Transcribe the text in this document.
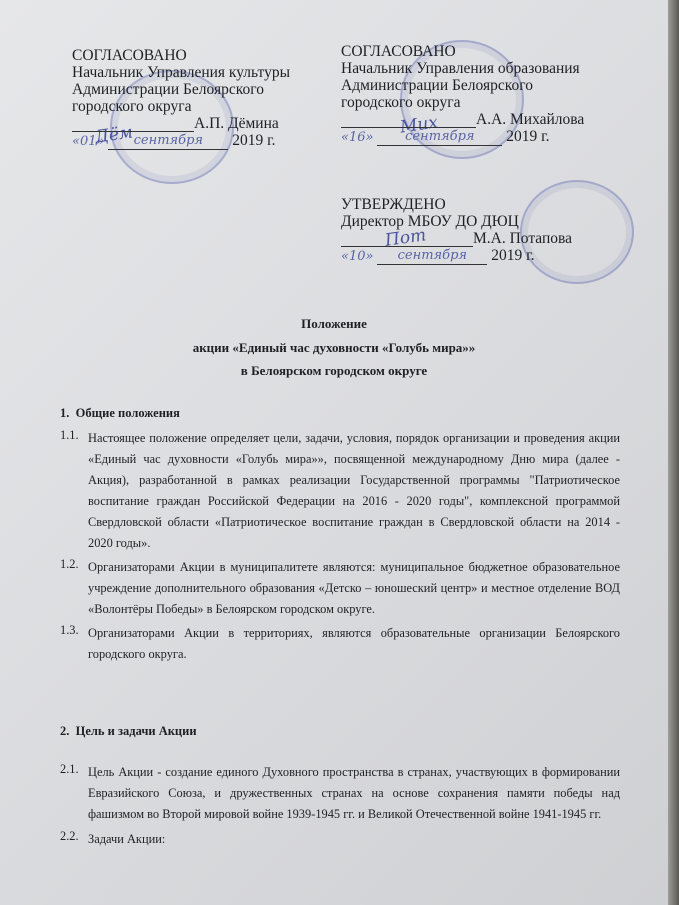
Дём	Мих
Пот
СОГЛАСОВАНО
Начальник Управления культуры
Администрации Белоярского
городского округа
А.П. Дёмина
«01» сентября 2019 г.
СОГЛАСОВАНО
Начальник Управления образования
Администрации Белоярского
городского округа
А.А. Михайлова
«16» сентября 2019 г.
УТВЕРЖДЕНО
Директор МБОУ ДО ДЮЦ
М.А. Потапова
«10» сентября 2019 г.
Положение
акции «Единый час духовности «Голубь мира»»
в Белоярском городском округе
1. Общие положения
1.1. Настоящее положение определяет цели, задачи, условия, порядок организации и проведения акции «Единый час духовности «Голубь мира»», посвященной международному Дню мира (далее - Акция), разработанной в рамках реализации Государственной программы "Патриотическое воспитание граждан Российской Федерации на 2016 - 2020 годы", комплексной программой Свердловской области «Патриотическое воспитание граждан в Свердловской области на 2014 - 2020 годы».
1.2. Организаторами Акции в муниципалитете являются: муниципальное бюджетное образовательное учреждение дополнительного образования «Детско – юношеский центр» и местное отделение ВОД «Волонтёры Победы» в Белоярском городском округе.
1.3. Организаторами Акции в территориях, являются образовательные организации Белоярского городского округа.
2. Цель и задачи Акции
2.1. Цель Акции - создание единого Духовного пространства в странах, участвующих в формировании Евразийского Союза, и дружественных странах на основе сохранения памяти победы над фашизмом во Второй мировой войне 1939-1945 гг. и Великой Отечественной войне 1941-1945 гг.
2.2. Задачи Акции:
